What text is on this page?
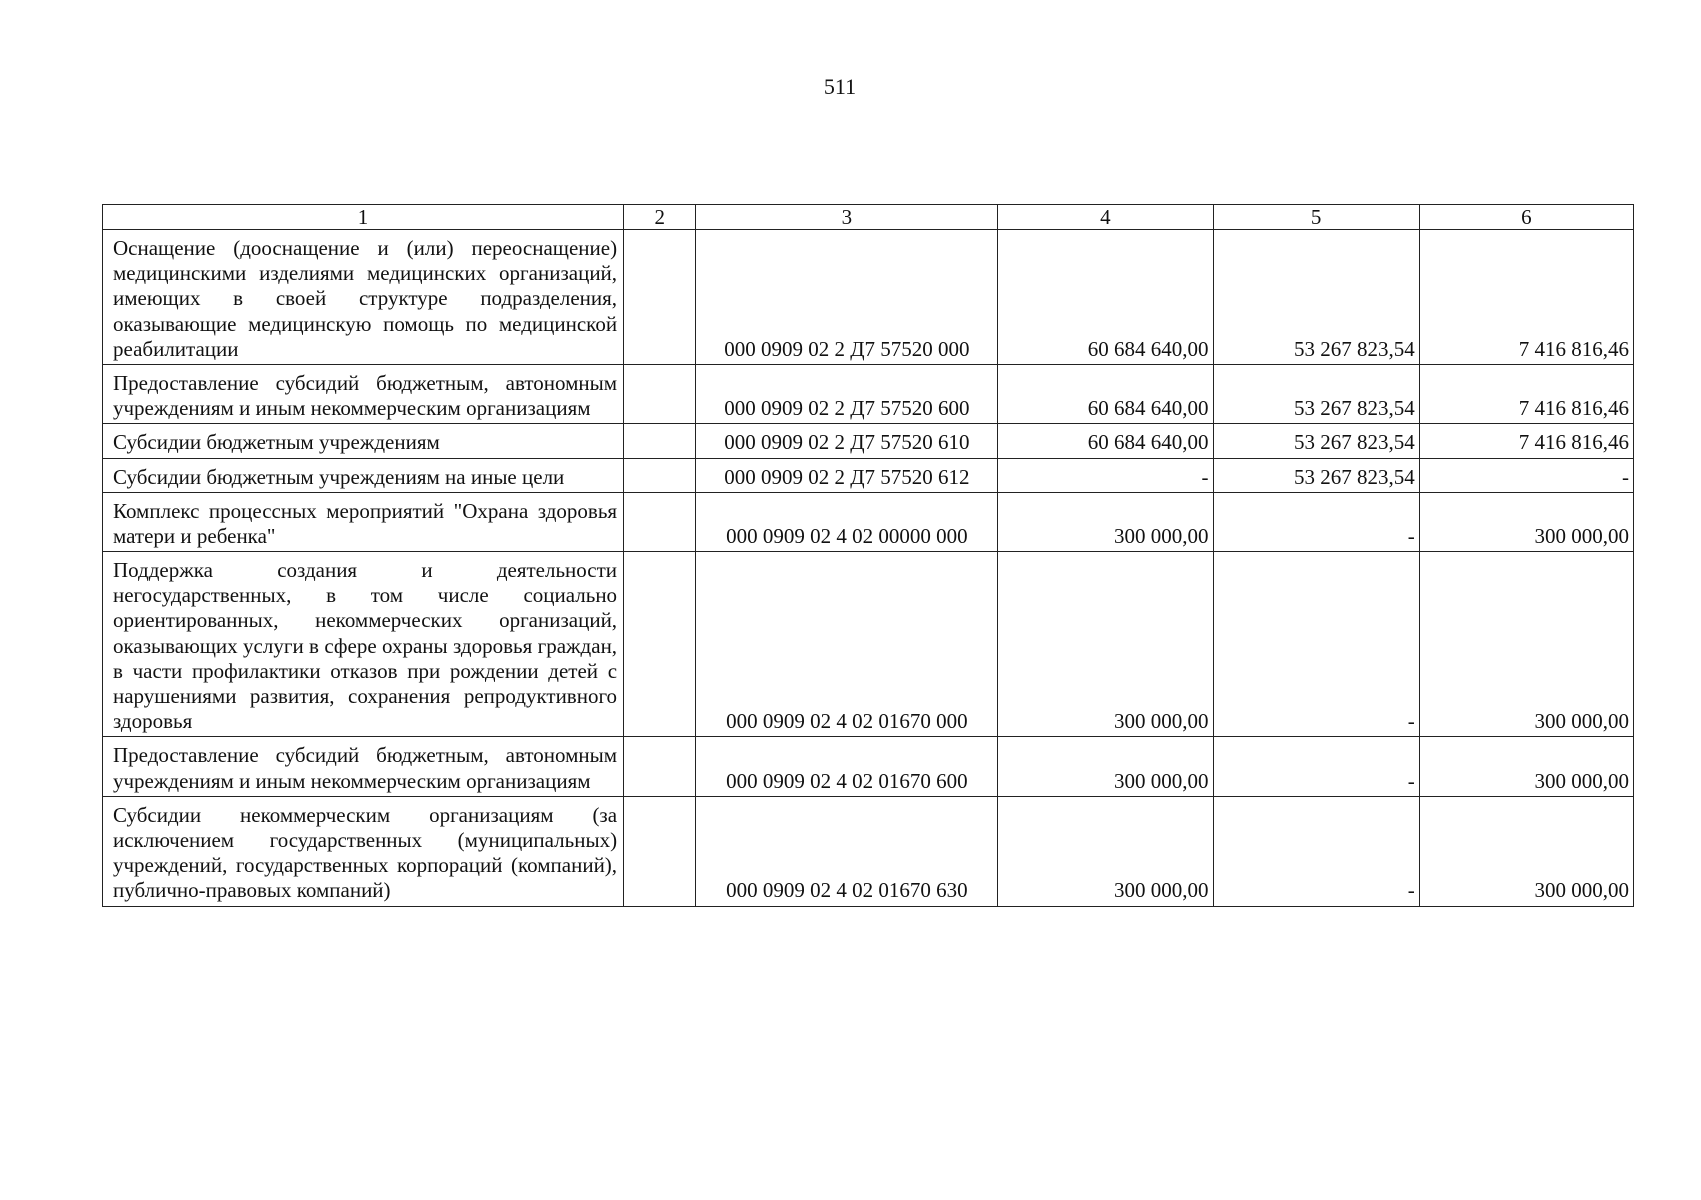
511
1	2	3	4	5	6
Оснащение (дооснащение и (или) переоснащение) медицинскими изделиями медицинских организаций, имеющих в своей структуре подразделения, оказывающие медицинскую помощь по медицинской реабилитации		000 0909 02 2 Д7 57520 000	60 684 640,00	53 267 823,54	7 416 816,46
Предоставление субсидий бюджетным, автономным учреждениям и иным некоммерческим организациям		000 0909 02 2 Д7 57520 600	60 684 640,00	53 267 823,54	7 416 816,46
Субсидии бюджетным учреждениям		000 0909 02 2 Д7 57520 610	60 684 640,00	53 267 823,54	7 416 816,46
Субсидии бюджетным учреждениям на иные цели		000 0909 02 2 Д7 57520 612	-	53 267 823,54	-
Комплекс процессных мероприятий "Охрана здоровья матери и ребенка"		000 0909 02 4 02 00000 000	300 000,00	-	300 000,00
Поддержка создания и деятельности негосударственных, в том числе социально ориентированных, некоммерческих организаций, оказывающих услуги в сфере охраны здоровья граждан, в части профилактики отказов при рождении детей с нарушениями развития, сохранения репродуктивного здоровья		000 0909 02 4 02 01670 000	300 000,00	-	300 000,00
Предоставление субсидий бюджетным, автономным учреждениям и иным некоммерческим организациям		000 0909 02 4 02 01670 600	300 000,00	-	300 000,00
Субсидии некоммерческим организациям (за исключением государственных (муниципальных) учреждений, государственных корпораций (компаний), публично-правовых компаний)		000 0909 02 4 02 01670 630	300 000,00	-	300 000,00
